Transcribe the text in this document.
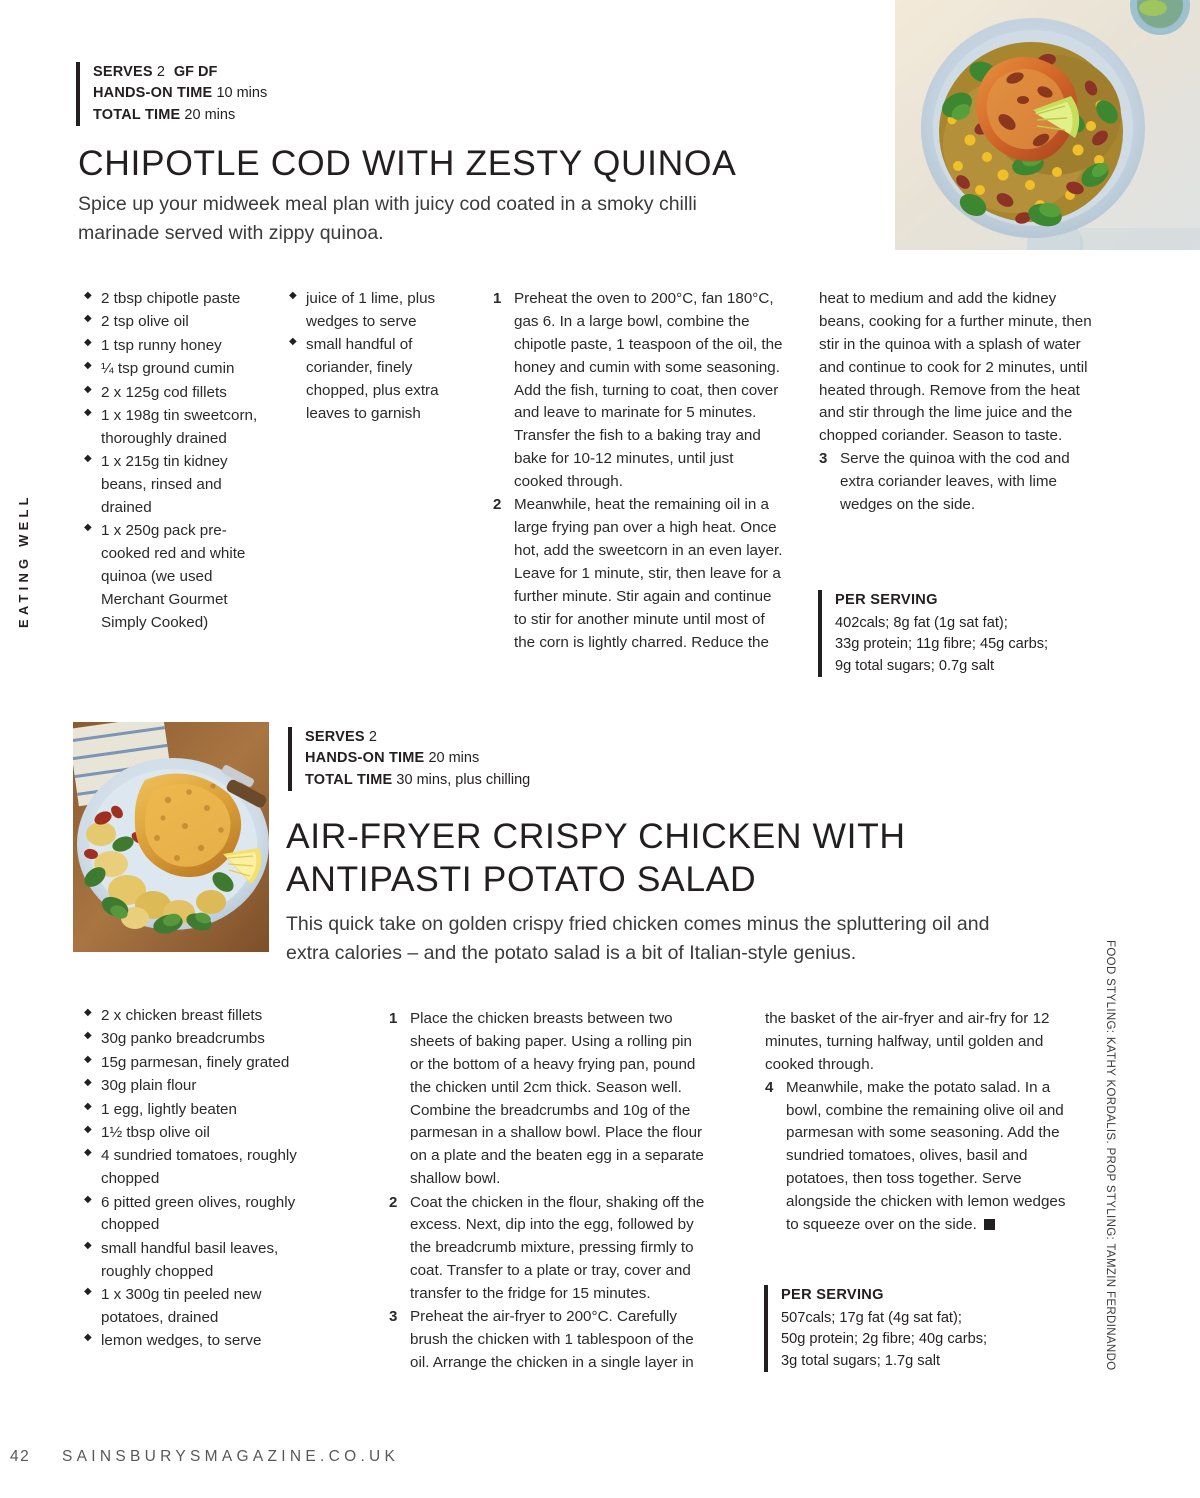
EATING WELL
FOOD STYLING: KATHY KORDALIS. PROP STYLING: TAMZIN FERDINANDO
SERVES 2 GF DF
HANDS-ON TIME 10 mins
TOTAL TIME 20 mins
CHIPOTLE COD WITH ZESTY QUINOA

Spice up your midweek meal plan with juicy cod coated in a smoky chilli marinade served with zippy quinoa.

◆ 2 tbsp chipotle paste
◆ 2 tsp olive oil
◆ 1 tsp runny honey
◆ ¼ tsp ground cumin
◆ 2 x 125g cod fillets
◆ 1 x 198g tin sweetcorn, thoroughly drained
◆ 1 x 215g tin kidney beans, rinsed and drained
◆ 1 x 250g pack pre-cooked red and white quinoa (we used Merchant Gourmet Simply Cooked)
◆ juice of 1 lime, plus wedges to serve
◆ small handful of coriander, finely chopped, plus extra leaves to garnish
Preheat the oven to 200°C, fan 180°C, gas 6. In a large bowl, combine the chipotle paste, 1 teaspoon of the oil, the honey and cumin with some seasoning. Add the fish, turning to coat, then cover and leave to marinate for 5 minutes. Transfer the fish to a baking tray and bake for 10-12 minutes, until just cooked through.
Meanwhile, heat the remaining oil in a large frying pan over a high heat. Once hot, add the sweetcorn in an even layer. Leave for 1 minute, stir, then leave for a further minute. Stir again and continue to stir for another minute until most of the corn is lightly charred. Reduce the

heat to medium and add the kidney beans, cooking for a further minute, then stir in the quinoa with a splash of water and continue to cook for 2 minutes, until heated through. Remove from the heat and stir through the lime juice and the chopped coriander. Season to taste.

Serve the quinoa with the cod and extra coriander leaves, with lime wedges on the side.
PER SERVING
402cals; 8g fat (1g sat fat);
33g protein; 11g fibre; 45g carbs;
9g total sugars; 0.7g salt
SERVES 2
HANDS-ON TIME 20 mins
TOTAL TIME 30 mins, plus chilling
AIR-FRYER CRISPY CHICKEN WITH
ANTIPASTI POTATO SALAD

This quick take on golden crispy fried chicken comes minus the spluttering oil and extra calories – and the potato salad is a bit of Italian-style genius.

◆ 2 x chicken breast fillets
◆ 30g panko breadcrumbs
◆ 15g parmesan, finely grated
◆ 30g plain flour
◆ 1 egg, lightly beaten
◆ 1½ tbsp olive oil
◆ 4 sundried tomatoes, roughly chopped
◆ 6 pitted green olives, roughly chopped
◆ small handful basil leaves, roughly chopped
◆ 1 x 300g tin peeled new potatoes, drained
◆ lemon wedges, to serve
Place the chicken breasts between two sheets of baking paper. Using a rolling pin or the bottom of a heavy frying pan, pound the chicken until 2cm thick. Season well. Combine the breadcrumbs and 10g of the parmesan in a shallow bowl. Place the flour on a plate and the beaten egg in a separate shallow bowl.
Coat the chicken in the flour, shaking off the excess. Next, dip into the egg, followed by the breadcrumb mixture, pressing firmly to coat. Transfer to a plate or tray, cover and transfer to the fridge for 15 minutes.
Preheat the air-fryer to 200°C. Carefully brush the chicken with 1 tablespoon of the oil. Arrange the chicken in a single layer in

the basket of the air-fryer and air-fry for 12 minutes, turning halfway, until golden and cooked through.

Meanwhile, make the potato salad. In a bowl, combine the remaining olive oil and parmesan with some seasoning. Add the sundried tomatoes, olives, basil and potatoes, then toss together. Serve alongside the chicken with lemon wedges to squeeze over on the side.
PER SERVING
507cals; 17g fat (4g sat fat);
50g protein; 2g fibre; 40g carbs;
3g total sugars; 1.7g salt
42 SAINSBURYSMAGAZINE.CO.UK
